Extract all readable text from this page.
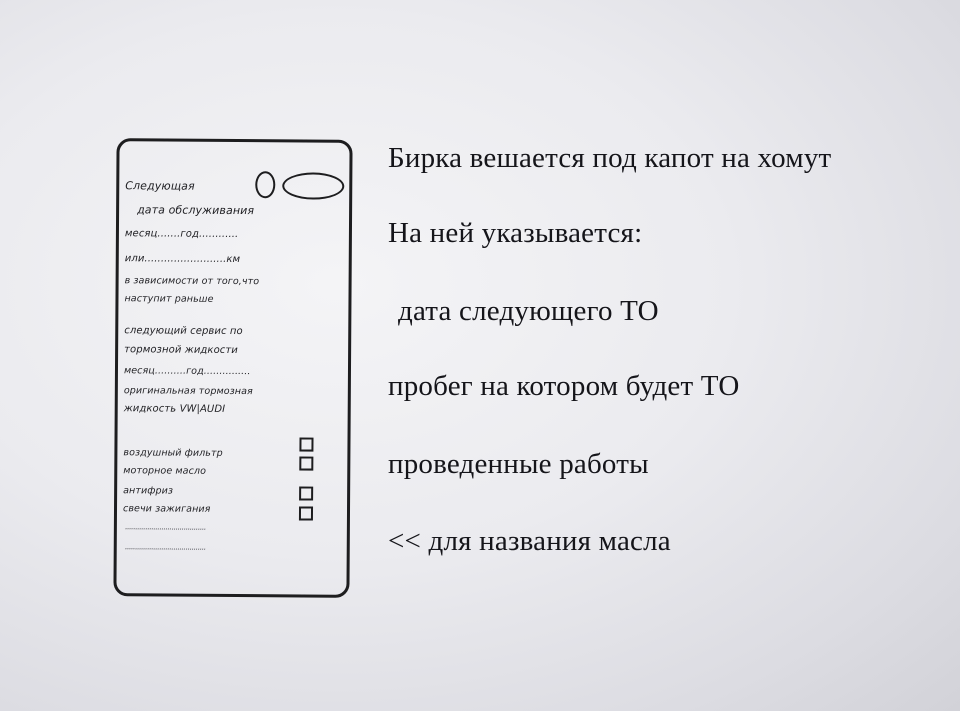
Следующая
дата обслуживания
месяц.......год............
или.........................км
в зависимости от того,что
наступит раньше
следующий сервис по
тормозной жидкости
месяц..........год...............
оригинальная тормозная
жидкость VW|AUDI
воздушный фильтр
моторное масло
антифриз
свечи зажигания
........................................
........................................
Бирка вешается под капот на хомут
На ней указывается:
дата следующего ТО
пробег на котором будет ТО
проведенные работы
<< для названия масла
